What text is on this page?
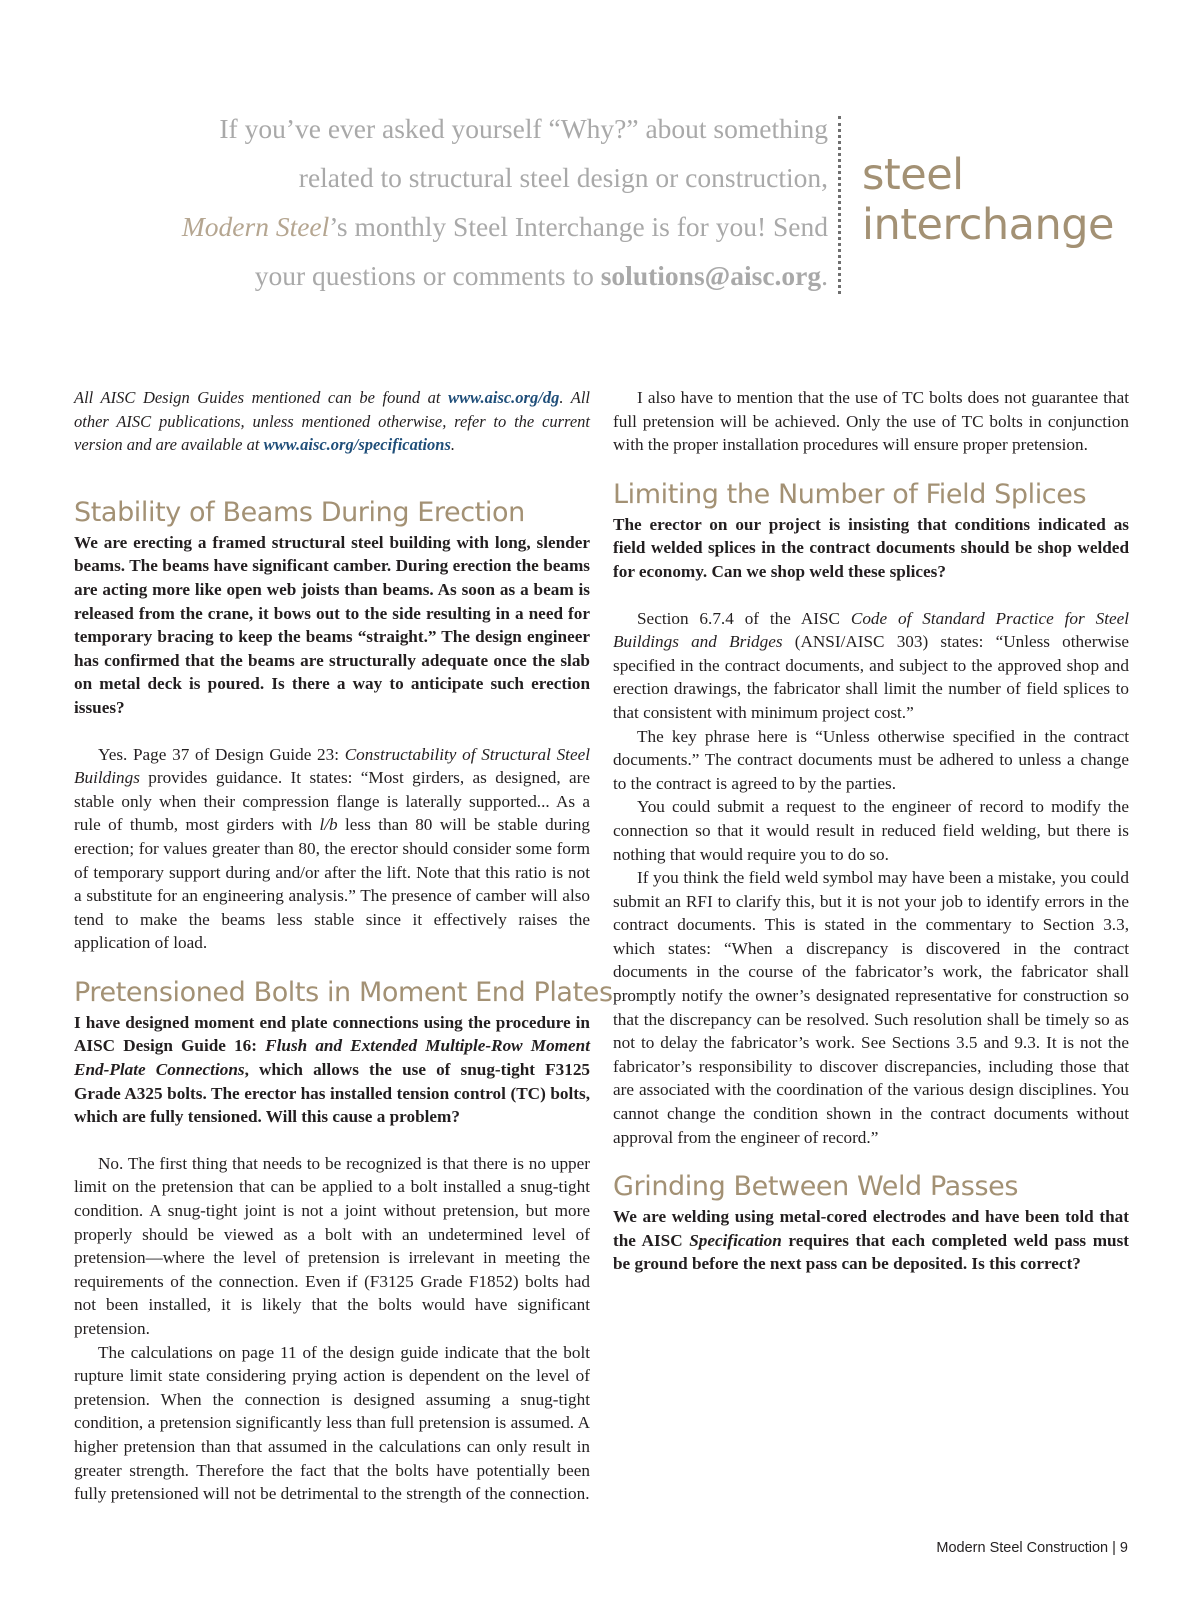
If you’ve ever asked yourself “Why?” about something
related to structural steel design or construction,
Modern Steel’s monthly Steel Interchange is for you! Send
your questions or comments to solutions@aisc.org.
steel
interchange

All AISC Design Guides mentioned can be found at www.aisc.org/dg. All other AISC publications, unless mentioned otherwise, refer to the current version and are available at www.aisc.org/specifications.

Stability of Beams During Erection

We are erecting a framed structural steel building with long, slender beams. The beams have significant camber. During erection the beams are acting more like open web joists than beams. As soon as a beam is released from the crane, it bows out to the side resulting in a need for temporary bracing to keep the beams “straight.” The design engineer has confirmed that the beams are structurally adequate once the slab on metal deck is poured. Is there a way to anticipate such erection issues?

Yes. Page 37 of Design Guide 23: Constructability of Structural Steel Buildings provides guidance. It states: “Most girders, as designed, are stable only when their compression flange is laterally supported... As a rule of thumb, most girders with l/b less than 80 will be stable during erection; for values greater than 80, the erector should consider some form of temporary support during and/or after the lift. Note that this ratio is not a substitute for an engineering analysis.” The presence of camber will also tend to make the beams less stable since it effectively raises the application of load.

Pretensioned Bolts in Moment End Plates

I have designed moment end plate connections using the procedure in AISC Design Guide 16: Flush and Extended Multiple-Row Moment End-Plate Connections, which allows the use of snug-tight F3125 Grade A325 bolts. The erector has installed tension control (TC) bolts, which are fully tensioned. Will this cause a problem?

No. The first thing that needs to be recognized is that there is no upper limit on the pretension that can be applied to a bolt installed a snug-tight condition. A snug-tight joint is not a joint without pretension, but more properly should be viewed as a bolt with an undetermined level of pretension—where the level of pretension is irrelevant in meeting the requirements of the connection. Even if (F3125 Grade F1852) bolts had not been installed, it is likely that the bolts would have significant pretension.

The calculations on page 11 of the design guide indicate that the bolt rupture limit state considering prying action is dependent on the level of pretension. When the connection is designed assuming a snug-tight condition, a pretension significantly less than full pretension is assumed. A higher pretension than that assumed in the calculations can only result in greater strength. Therefore the fact that the bolts have potentially been fully pretensioned will not be detrimental to the strength of the connection.

I also have to mention that the use of TC bolts does not guarantee that full pretension will be achieved. Only the use of TC bolts in conjunction with the proper installation procedures will ensure proper pretension.

Limiting the Number of Field Splices

The erector on our project is insisting that conditions indicated as field welded splices in the contract documents should be shop welded for economy. Can we shop weld these splices?

Section 6.7.4 of the AISC Code of Standard Practice for Steel Buildings and Bridges (ANSI/AISC 303) states: “Unless otherwise specified in the contract documents, and subject to the approved shop and erection drawings, the fabricator shall limit the number of field splices to that consistent with minimum project cost.”

The key phrase here is “Unless otherwise specified in the contract documents.” The contract documents must be adhered to unless a change to the contract is agreed to by the parties.

You could submit a request to the engineer of record to modify the connection so that it would result in reduced field welding, but there is nothing that would require you to do so.

If you think the field weld symbol may have been a mistake, you could submit an RFI to clarify this, but it is not your job to identify errors in the contract documents. This is stated in the commentary to Section 3.3, which states: “When a discrepancy is discovered in the contract documents in the course of the fabricator’s work, the fabricator shall promptly notify the owner’s designated representative for construction so that the discrepancy can be resolved. Such resolution shall be timely so as not to delay the fabricator’s work. See Sections 3.5 and 9.3. It is not the fabricator’s responsibility to discover discrepancies, including those that are associated with the coordination of the various design disciplines. You cannot change the condition shown in the contract documents without approval from the engineer of record.”

Grinding Between Weld Passes

We are welding using metal-cored electrodes and have been told that the AISC Specification requires that each completed weld pass must be ground before the next pass can be deposited. Is this correct?

Modern Steel Construction | 9
